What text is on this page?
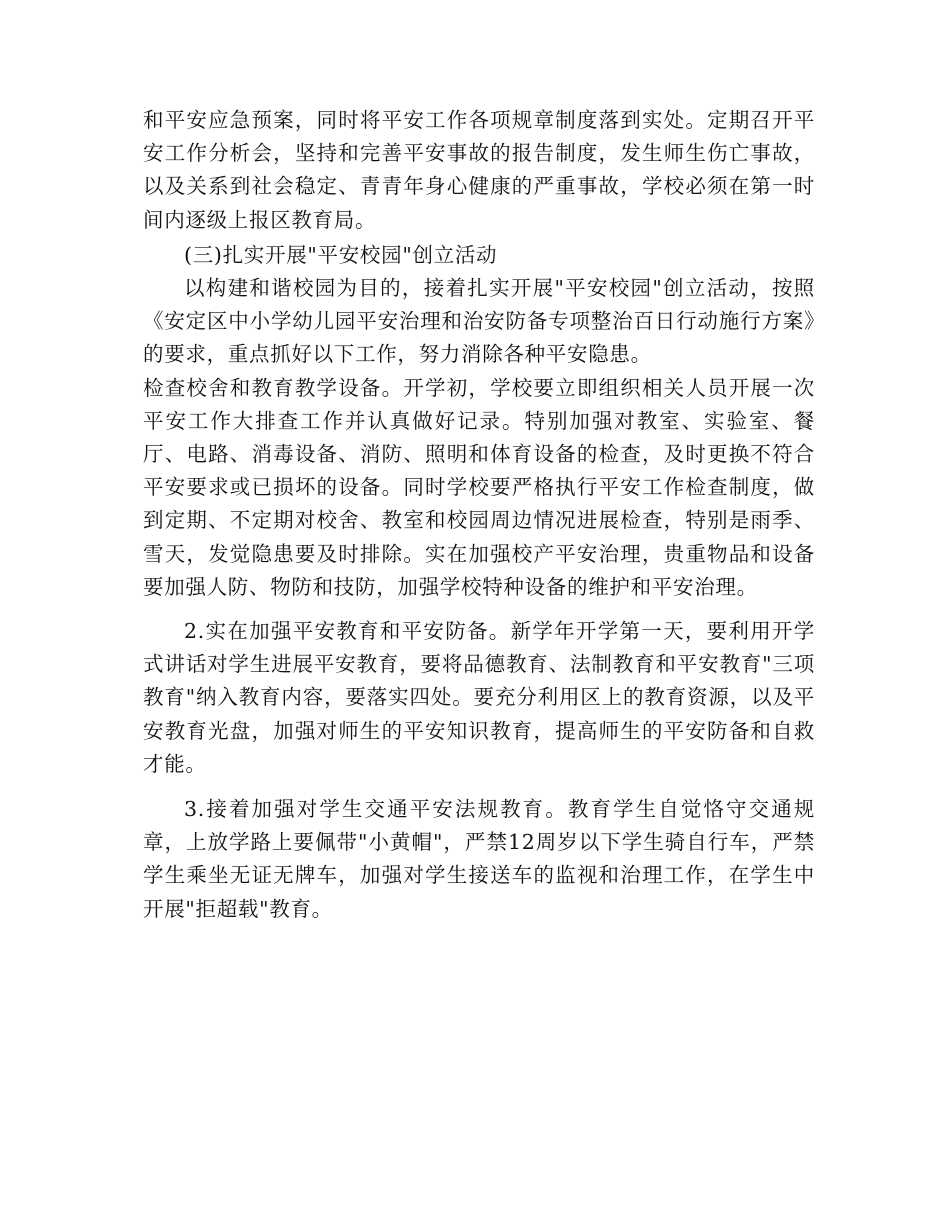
和平安应急预案，同时将平安工作各项规章制度落到实处。定期召开平安工作分析会，坚持和完善平安事故的报告制度，发生师生伤亡事故，以及关系到社会稳定、青青年身心健康的严重事故，学校必须在第一时间内逐级上报区教育局。

(三)扎实开展"平安校园"创立活动

以构建和谐校园为目的，接着扎实开展"平安校园"创立活动，按照《安定区中小学幼儿园平安治理和治安防备专项整治百日行动施行方案》的要求，重点抓好以下工作，努力消除各种平安隐患。

检查校舍和教育教学设备。开学初，学校要立即组织相关人员开展一次平安工作大排查工作并认真做好记录。特别加强对教室、实验室、餐厅、电路、消毒设备、消防、照明和体育设备的检查，及时更换不符合平安要求或已损坏的设备。同时学校要严格执行平安工作检查制度，做到定期、不定期对校舍、教室和校园周边情况进展检查，特别是雨季、雪天，发觉隐患要及时排除。实在加强校产平安治理，贵重物品和设备要加强人防、物防和技防，加强学校特种设备的维护和平安治理。

2.实在加强平安教育和平安防备。新学年开学第一天，要利用开学式讲话对学生进展平安教育，要将品德教育、法制教育和平安教育"三项教育"纳入教育内容，要落实四处。要充分利用区上的教育资源，以及平安教育光盘，加强对师生的平安知识教育，提高师生的平安防备和自救才能。

3.接着加强对学生交通平安法规教育。教育学生自觉恪守交通规章，上放学路上要佩带"小黄帽"，严禁12周岁以下学生骑自行车，严禁学生乘坐无证无牌车，加强对学生接送车的监视和治理工作，在学生中开展"拒超载"教育。
